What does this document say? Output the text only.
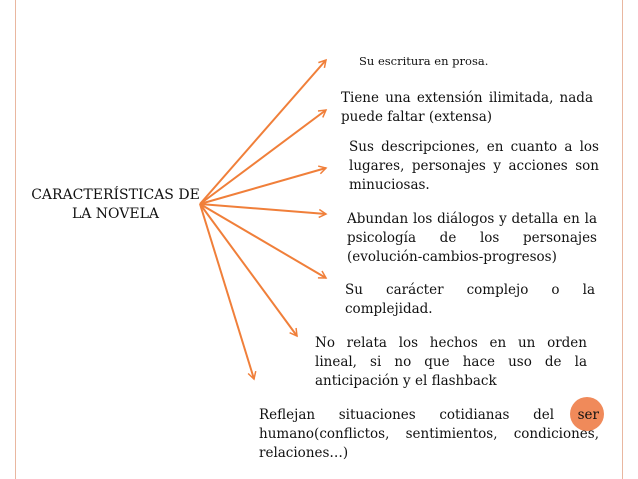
CARACTERÍSTICAS DE LA NOVELA
Su escritura en prosa.
Tiene una extensión ilimitada, nada puede faltar (extensa)
Sus descripciones, en cuanto a los lugares, personajes y acciones son minuciosas.
Abundan los diálogos y detalla en la psicología de los personajes (evolución-cambios-progresos)
Su carácter complejo o la complejidad.
No relata los hechos en un orden lineal, si no que hace uso de la anticipación y el flashback
Reflejan situaciones cotidianas del ser humano(conflictos, sentimientos, condiciones, relaciones…)
